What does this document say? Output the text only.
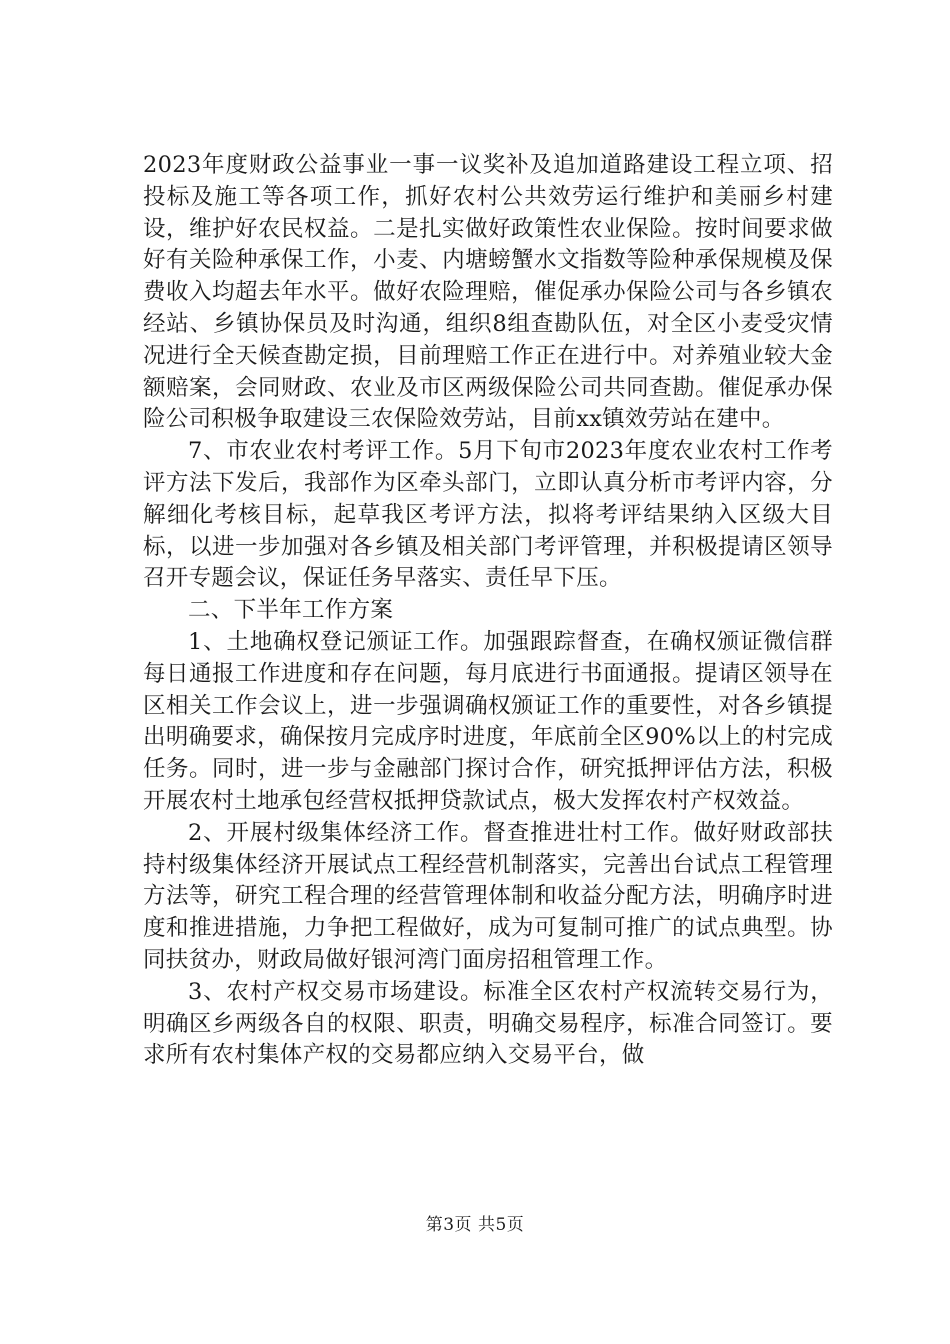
2023年度财政公益事业一事一议奖补及追加道路建设工程立项、招投标及施工等各项工作，抓好农村公共效劳运行维护和美丽乡村建设，维护好农民权益。二是扎实做好政策性农业保险。按时间要求做好有关险种承保工作，小麦、内塘螃蟹水文指数等险种承保规模及保费收入均超去年水平。做好农险理赔，催促承办保险公司与各乡镇农经站、乡镇协保员及时沟通，组织8组查勘队伍，对全区小麦受灾情况进行全天候查勘定损，目前理赔工作正在进行中。对养殖业较大金额赔案，会同财政、农业及市区两级保险公司共同查勘。催促承办保险公司积极争取建设三农保险效劳站，目前xx镇效劳站在建中。

7、市农业农村考评工作。5月下旬市2023年度农业农村工作考评方法下发后，我部作为区牵头部门，立即认真分析市考评内容，分解细化考核目标，起草我区考评方法，拟将考评结果纳入区级大目标，以进一步加强对各乡镇及相关部门考评管理，并积极提请区领导召开专题会议，保证任务早落实、责任早下压。

二、下半年工作方案

1、土地确权登记颁证工作。加强跟踪督查，在确权颁证微信群每日通报工作进度和存在问题，每月底进行书面通报。提请区领导在区相关工作会议上，进一步强调确权颁证工作的重要性，对各乡镇提出明确要求，确保按月完成序时进度，年底前全区90%以上的村完成任务。同时，进一步与金融部门探讨合作，研究抵押评估方法，积极开展农村土地承包经营权抵押贷款试点，极大发挥农村产权效益。

2、开展村级集体经济工作。督查推进壮村工作。做好财政部扶持村级集体经济开展试点工程经营机制落实，完善出台试点工程管理方法等，研究工程合理的经营管理体制和收益分配方法，明确序时进度和推进措施，力争把工程做好，成为可复制可推广的试点典型。协同扶贫办，财政局做好银河湾门面房招租管理工作。

3、农村产权交易市场建设。标准全区农村产权流转交易行为，明确区乡两级各自的权限、职责，明确交易程序，标准合同签订。要求所有农村集体产权的交易都应纳入交易平台，做

第3页 共5页
